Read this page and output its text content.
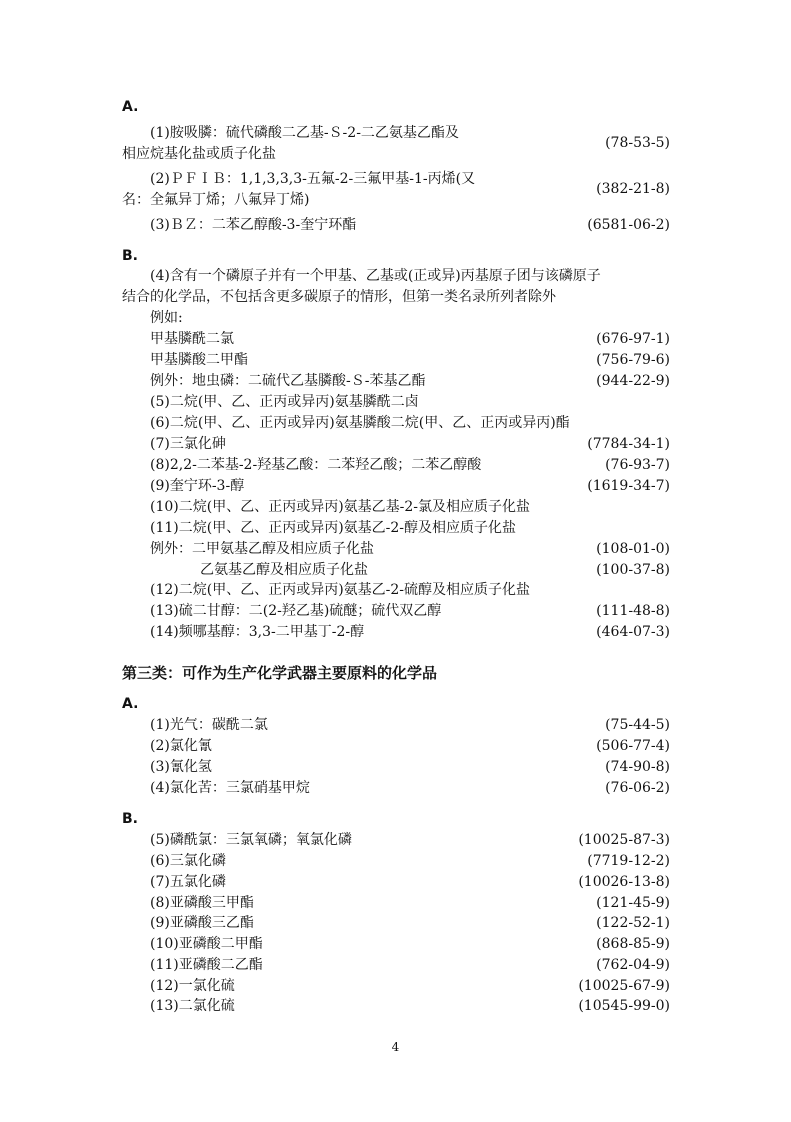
A.
(1)胺吸膦：硫代磷酸二乙基-Ｓ-2-二乙氨基乙酯及
相应烷基化盐或质子化盐
(78-53-5)
(2)ＰＦＩＢ：1,1,3,3,3-五氟-2-三氟甲基-1-丙烯(又
名：全氟异丁烯；八氟异丁烯)
(382-21-8)
(3)ＢＺ：二苯乙醇酸-3-奎宁环酯	(6581-06-2)
B.
(4)含有一个磷原子并有一个甲基、乙基或(正或异)丙基原子团与该磷原子
结合的化学品，不包括含更多碳原子的情形，但第一类名录所列者除外
例如:
甲基膦酰二氯	(676-97-1)
甲基膦酸二甲酯	(756-79-6)
例外：地虫磷：二硫代乙基膦酸-Ｓ-苯基乙酯	(944-22-9)
(5)二烷(甲、乙、正丙或异丙)氨基膦酰二卤
(6)二烷(甲、乙、正丙或异丙)氨基膦酸二烷(甲、乙、正丙或异丙)酯
(7)三氯化砷	(7784-34-1)
(8)2,2-二苯基-2-羟基乙酸：二苯羟乙酸；二苯乙醇酸	(76-93-7)
(9)奎宁环-3-醇	(1619-34-7)
(10)二烷(甲、乙、正丙或异丙)氨基乙基-2-氯及相应质子化盐
(11)二烷(甲、乙、正丙或异丙)氨基乙-2-醇及相应质子化盐
例外：二甲氨基乙醇及相应质子化盐	(108-01-0)
乙氨基乙醇及相应质子化盐	(100-37-8)
(12)二烷(甲、乙、正丙或异丙)氨基乙-2-硫醇及相应质子化盐
(13)硫二甘醇：二(2-羟乙基)硫醚；硫代双乙醇	(111-48-8)
(14)频哪基醇：3,3-二甲基丁-2-醇	(464-07-3)
第三类：可作为生产化学武器主要原料的化学品
A.
(1)光气：碳酰二氯	(75-44-5)
(2)氯化氰	(506-77-4)
(3)氰化氢	(74-90-8)
(4)氯化苦：三氯硝基甲烷	(76-06-2)
B.
(5)磷酰氯：三氯氧磷；氧氯化磷	(10025-87-3)
(6)三氯化磷	(7719-12-2)
(7)五氯化磷	(10026-13-8)
(8)亚磷酸三甲酯	(121-45-9)
(9)亚磷酸三乙酯	(122-52-1)
(10)亚磷酸二甲酯	(868-85-9)
(11)亚磷酸二乙酯	(762-04-9)
(12)一氯化硫	(10025-67-9)
(13)二氯化硫	(10545-99-0)
4
